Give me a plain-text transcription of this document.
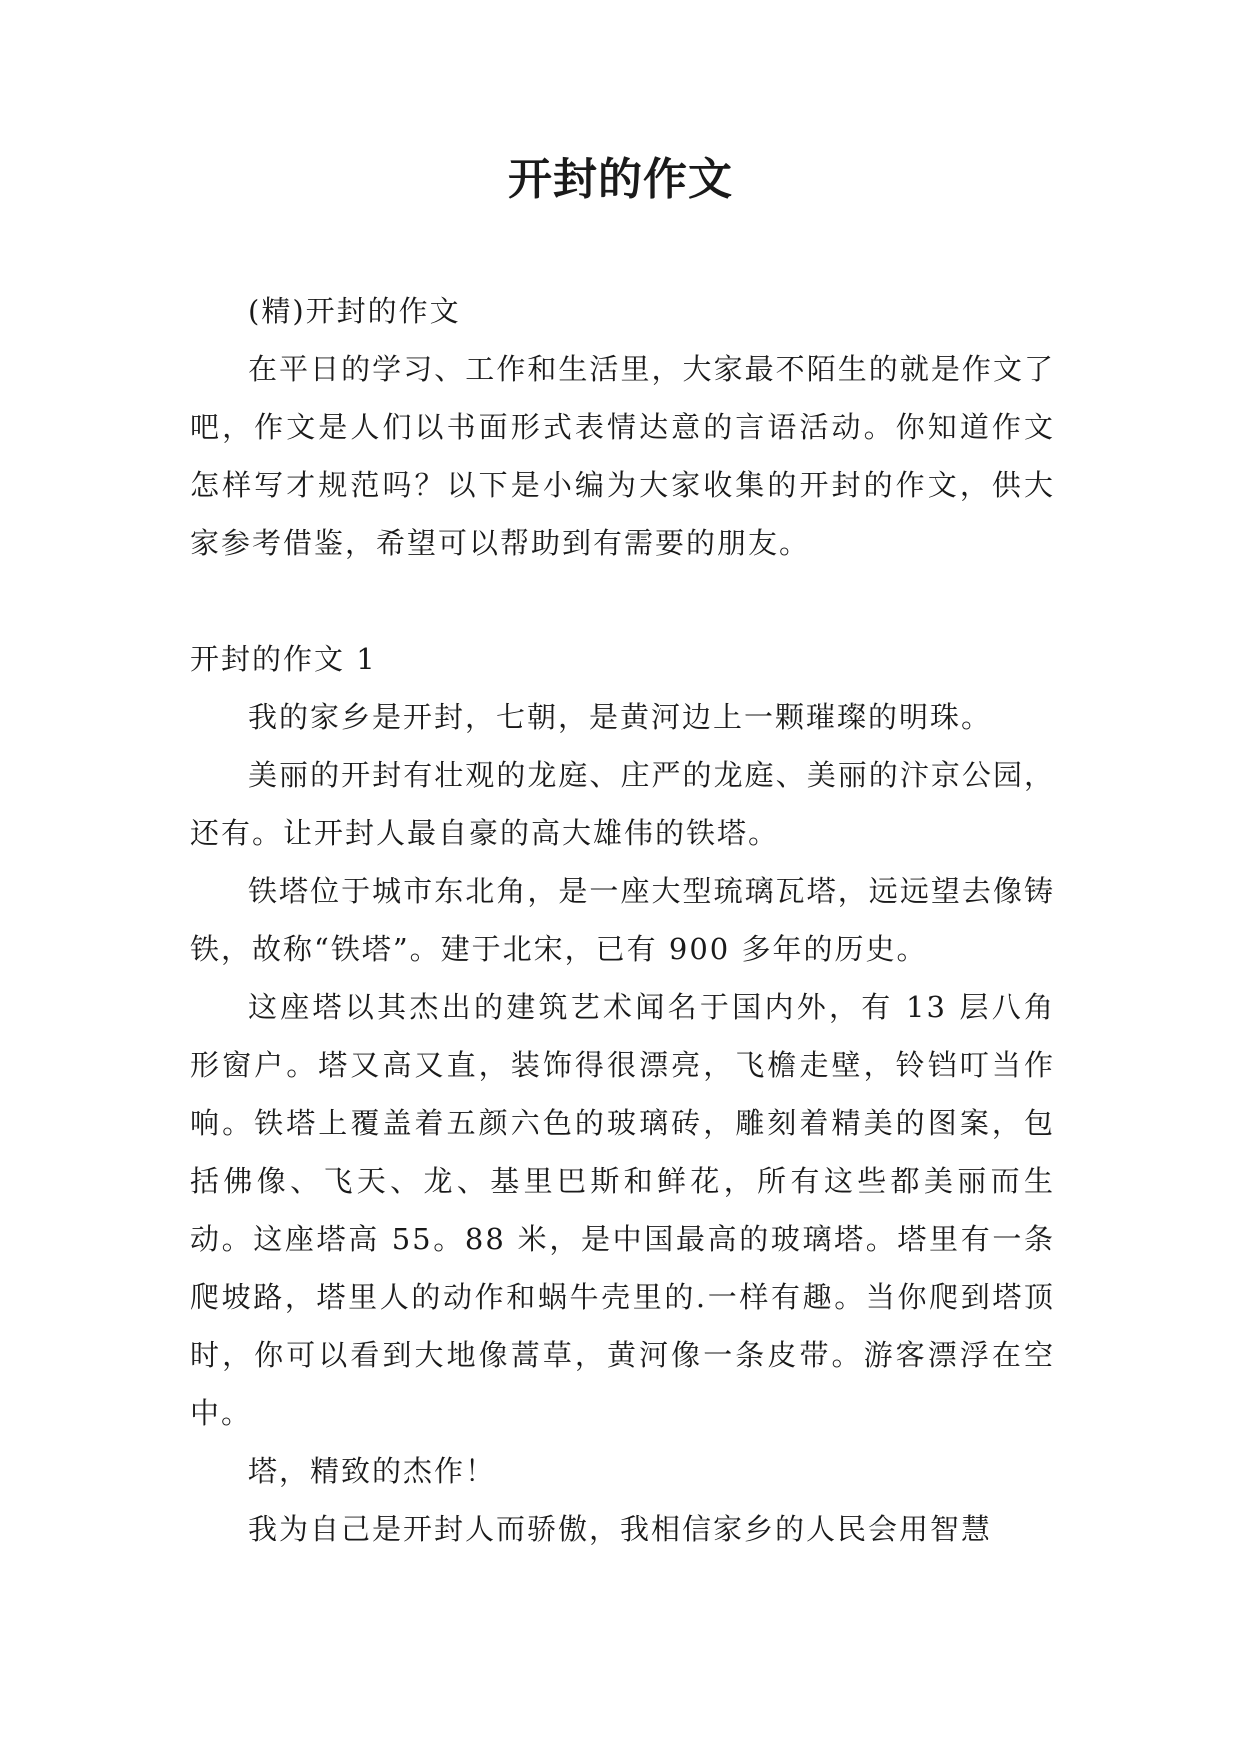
开封的作文

(精)开封的作文

在平日的学习、工作和生活里，大家最不陌生的就是作文了吧，作文是人们以书面形式表情达意的言语活动。你知道作文怎样写才规范吗？以下是小编为大家收集的开封的作文，供大家参考借鉴，希望可以帮助到有需要的朋友。

开封的作文 1

我的家乡是开封，七朝，是黄河边上一颗璀璨的明珠。

美丽的开封有壮观的龙庭、庄严的龙庭、美丽的汴京公园，还有。让开封人最自豪的高大雄伟的铁塔。

铁塔位于城市东北角，是一座大型琉璃瓦塔，远远望去像铸铁，故称“铁塔”。建于北宋，已有 900 多年的历史。

这座塔以其杰出的建筑艺术闻名于国内外，有 13 层八角形窗户。塔又高又直，装饰得很漂亮，飞檐走壁，铃铛叮当作响。铁塔上覆盖着五颜六色的玻璃砖，雕刻着精美的图案，包括佛像、飞天、龙、基里巴斯和鲜花，所有这些都美丽而生动。这座塔高 55。88 米，是中国最高的玻璃塔。塔里有一条爬坡路，塔里人的动作和蜗牛壳里的.一样有趣。当你爬到塔顶时，你可以看到大地像蒿草，黄河像一条皮带。游客漂浮在空中。

塔，精致的杰作！

我为自己是开封人而骄傲，我相信家乡的人民会用智慧
